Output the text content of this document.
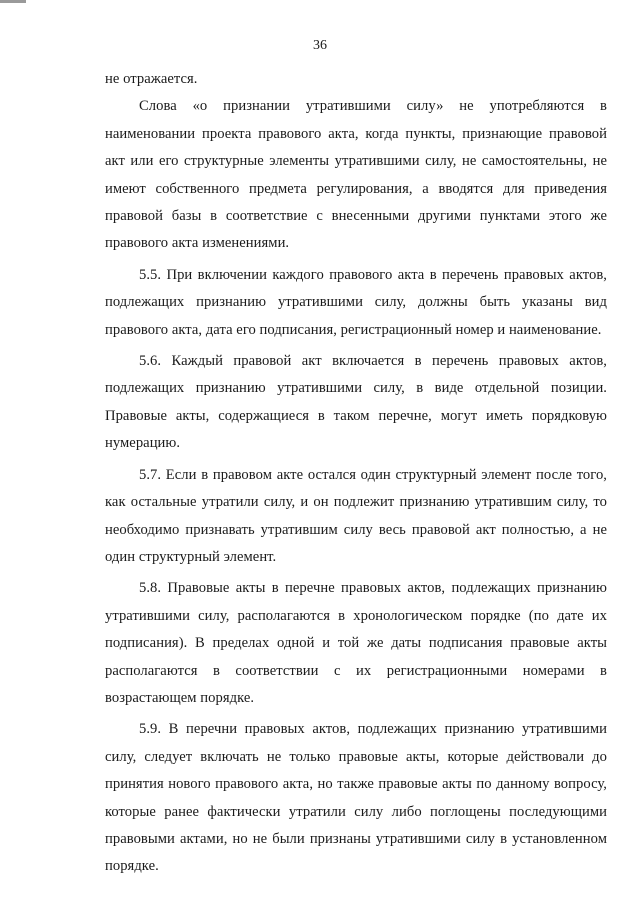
36

не отражается.

Слова «о признании утратившими силу» не употребляются в наименовании проекта правового акта, когда пункты, признающие правовой акт или его структурные элементы утратившими силу, не самостоятельны, не имеют собственного предмета регулирования, а вводятся для приведения правовой базы в соответствие с внесенными другими пунктами этого же правового акта изменениями.

5.5. При включении каждого правового акта в перечень правовых актов, подлежащих признанию утратившими силу, должны быть указаны вид правового акта, дата его подписания, регистрационный номер и наименование.

5.6. Каждый правовой акт включается в перечень правовых актов, подлежащих признанию утратившими силу, в виде отдельной позиции. Правовые акты, содержащиеся в таком перечне, могут иметь порядковую нумерацию.

5.7. Если в правовом акте остался один структурный элемент после того, как остальные утратили силу, и он подлежит признанию утратившим силу, то необходимо признавать утратившим силу весь правовой акт полностью, а не один структурный элемент.

5.8. Правовые акты в перечне правовых актов, подлежащих признанию утратившими силу, располагаются в хронологическом порядке (по дате их подписания). В пределах одной и той же даты подписания правовые акты располагаются в соответствии с их регистрационными номерами в возрастающем порядке.

5.9. В перечни правовых актов, подлежащих признанию утратившими силу, следует включать не только правовые акты, которые действовали до принятия нового правового акта, но также правовые акты по данному вопросу, которые ранее фактически утратили силу либо поглощены последующими правовыми актами, но не были признаны утратившими силу в установленном порядке.
